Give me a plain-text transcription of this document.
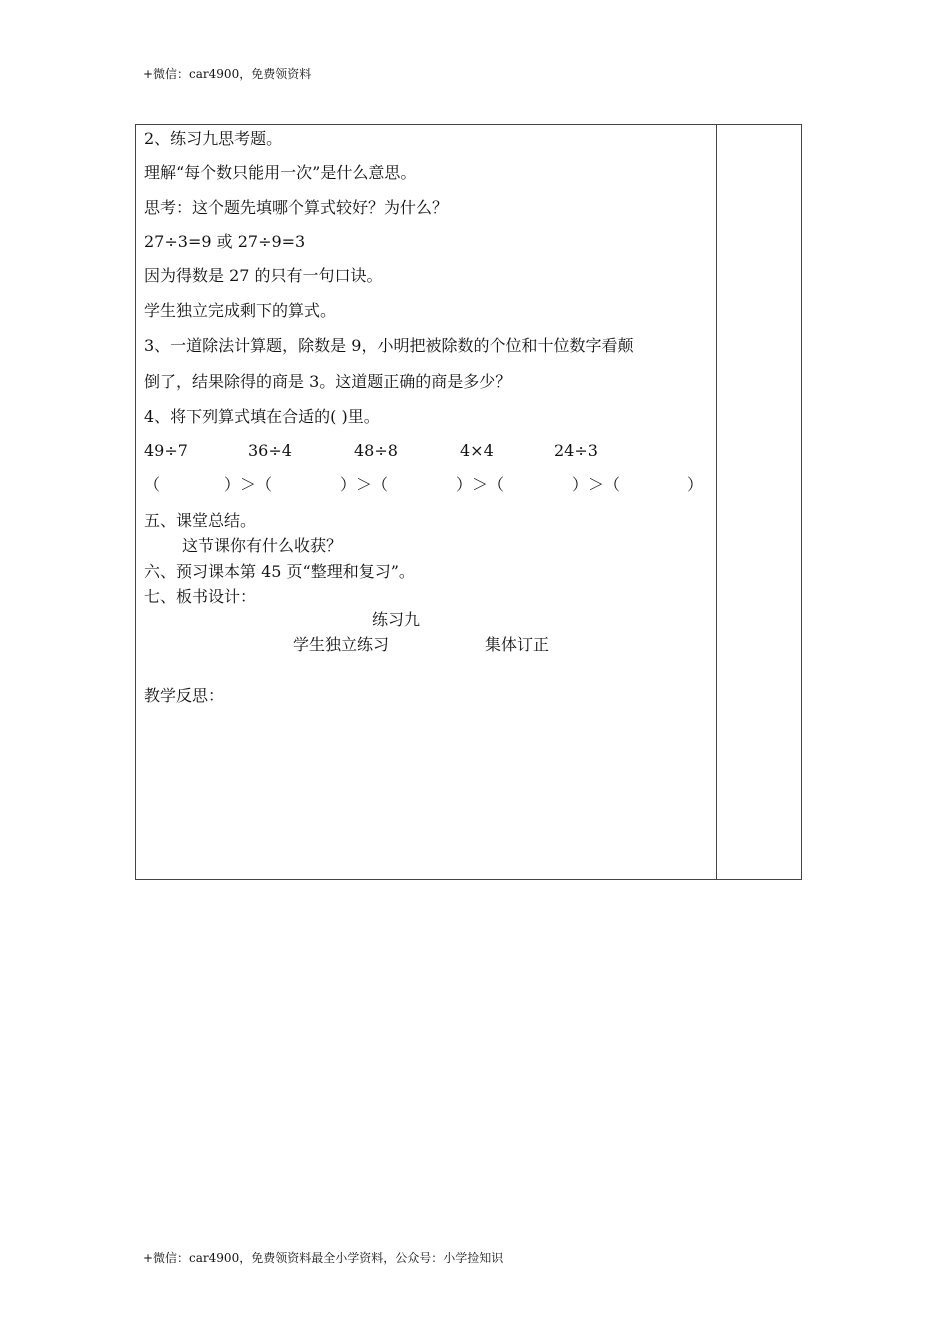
+微信：car4900，免费领资料
2、练习九思考题。
理解“每个数只能用一次”是什么意思。
思考：这个题先填哪个算式较好？为什么？
27÷3=9 或 27÷9=3
因为得数是 27 的只有一句口诀。
学生独立完成剩下的算式。
3、一道除法计算题，除数是 9，小明把被除数的个位和十位数字看颠
倒了，结果除得的商是 3。这道题正确的商是多少？
4、将下列算式填在合适的( )里。
49÷7	36÷4	48÷8	4×4	24÷3
（	）＞（	）＞（	）＞（	）＞（	）
五、课堂总结。
这节课你有什么收获？
六、预习课本第 45 页“整理和复习”。
七、板书设计：
练习九
学生独立练习	集体订正
教学反思：
+微信：car4900，免费领资料最全小学资料，公众号：小学捡知识
